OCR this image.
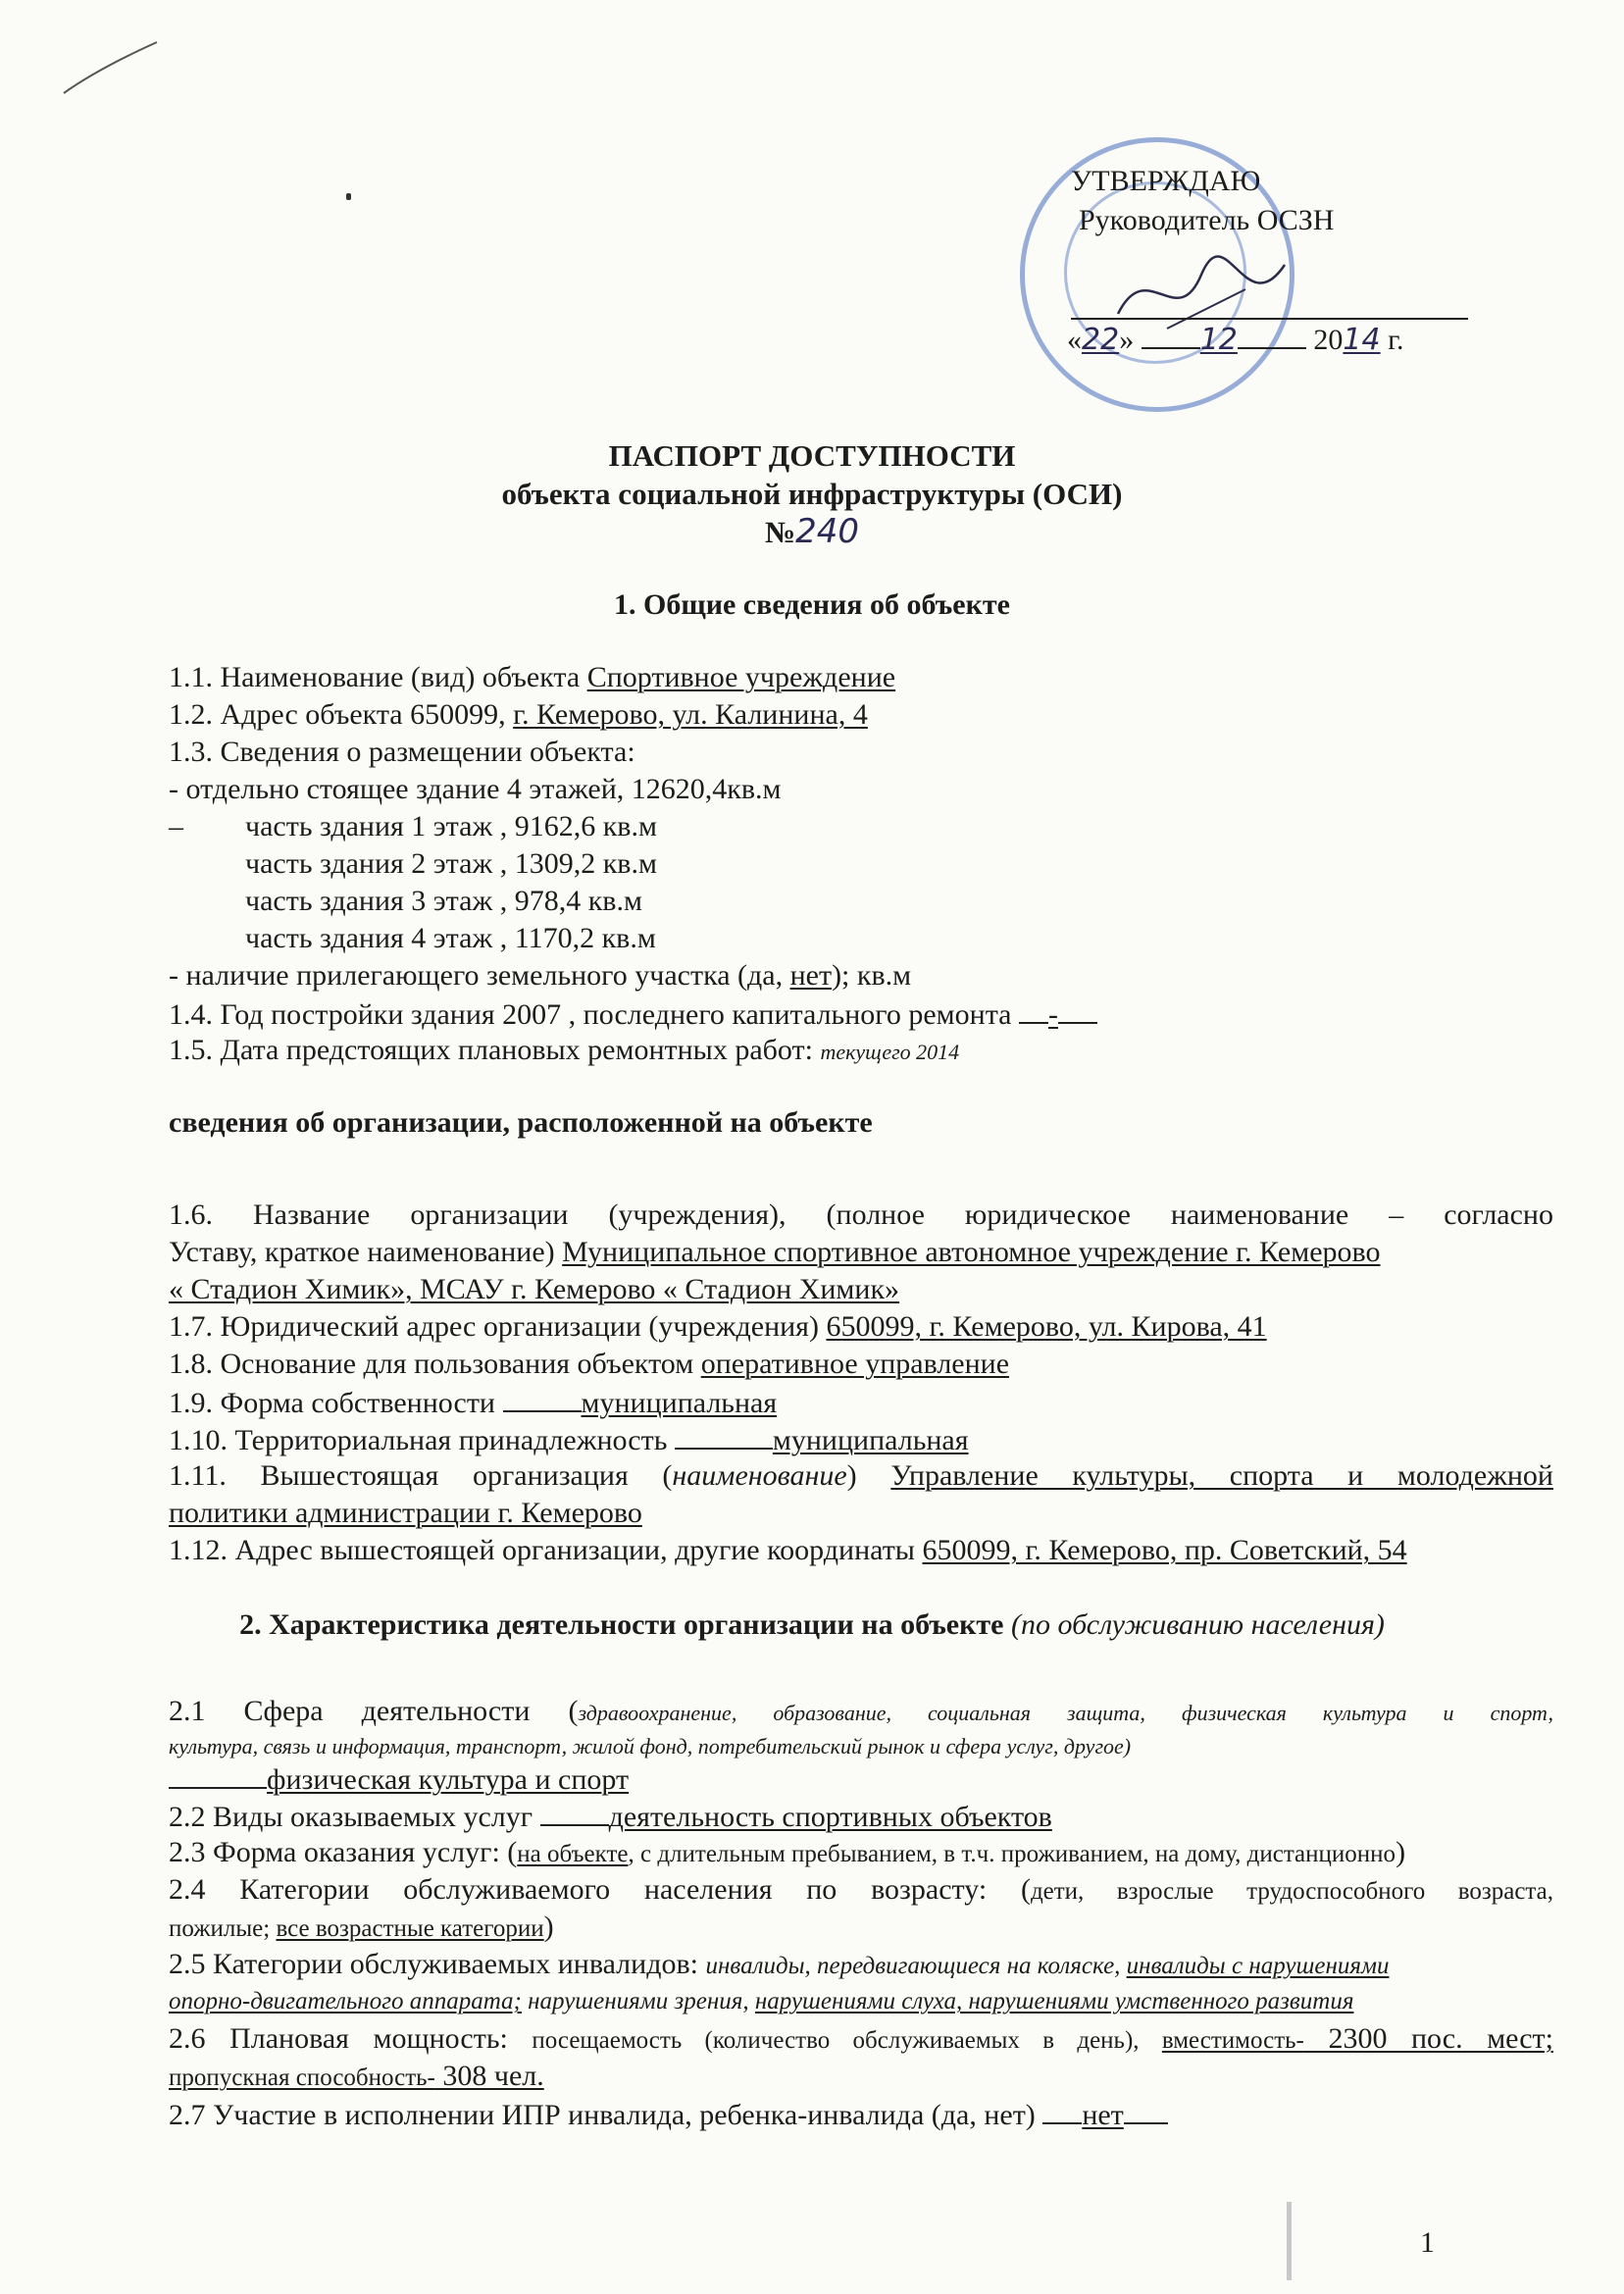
УТВЕРЖДАЮ
Руководитель ОСЗН
«22» 12	2014 г.
ПАСПОРТ ДОСТУПНОСТИ
объекта социальной инфраструктуры (ОСИ)
№240
1. Общие сведения об объекте
1.1. Наименование (вид) объекта Спортивное учреждение
1.2. Адрес объекта 650099, г. Кемерово, ул. Калинина, 4
1.3. Сведения о размещении объекта:
- отдельно стоящее здание 4 этажей, 12620,4кв.м
– часть здания 1 этаж , 9162,6 кв.м
часть здания 2 этаж , 1309,2 кв.м
часть здания 3 этаж , 978,4 кв.м
часть здания 4 этаж , 1170,2 кв.м
- наличие прилегающего земельного участка (да, нет); кв.м
1.4. Год постройки здания 2007 , последнего капитального ремонта -
1.5. Дата предстоящих плановых ремонтных работ: текущего 2014
сведения об организации, расположенной на объекте
1.6. Название организации (учреждения), (полное юридическое наименование – согласно
Уставу, краткое наименование) Муниципальное спортивное автономное учреждение г. Кемерово
« Стадион Химик», МСАУ г. Кемерово « Стадион Химик»
1.7. Юридический адрес организации (учреждения) 650099, г. Кемерово, ул. Кирова, 41
1.8. Основание для пользования объектом оперативное управление
1.9. Форма собственности	муниципальная
1.10. Территориальная принадлежность	муниципальная
1.11. Вышестоящая организация (наименование) Управление культуры, спорта и молодежной
политики администрации г. Кемерово
1.12. Адрес вышестоящей организации, другие координаты 650099, г. Кемерово, пр. Советский, 54
2. Характеристика деятельности организации на объекте (по обслуживанию населения)
2.1 Сфера деятельности (здравоохранение, образование, социальная защита, физическая культура и спорт,
культура, связь и информация, транспорт, жилой фонд, потребительский рынок и сфера услуг, другое)
физическая культура и спорт
2.2 Виды оказываемых услуг деятельность спортивных объектов
2.3 Форма оказания услуг: (на объекте, с длительным пребыванием, в т.ч. проживанием, на дому, дистанционно)
2.4 Категории обслуживаемого населения по возрасту: (дети, взрослые трудоспособного возраста,
пожилые; все возрастные категории)
2.5 Категории обслуживаемых инвалидов: инвалиды, передвигающиеся на коляске, инвалиды с нарушениями
опорно-двигательного аппарата; нарушениями зрения, нарушениями слуха, нарушениями умственного развития
2.6 Плановая мощность: посещаемость (количество обслуживаемых в день), вместимость- 2300 пос. мест;
пропускная способность- 308 чел.
2.7 Участие в исполнении ИПР инвалида, ребенка-инвалида (да, нет) нет
1
